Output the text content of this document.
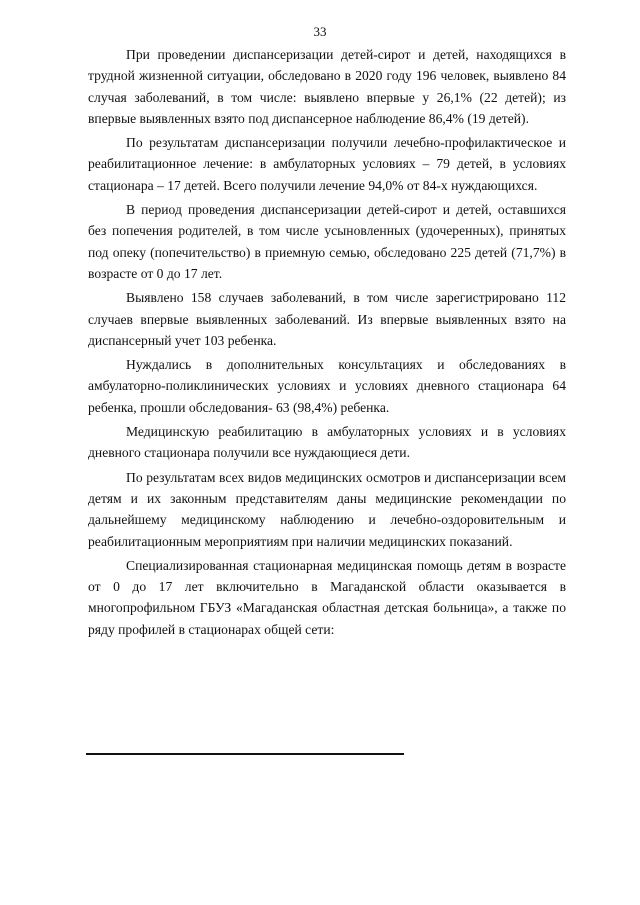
33

При проведении диспансеризации детей-сирот и детей, находящихся в трудной жизненной ситуации, обследовано в 2020 году 196 человек, выявлено 84 случая заболеваний, в том числе: выявлено впервые у 26,1% (22 детей); из впервые выявленных взято под диспансерное наблюдение 86,4% (19 детей).

По результатам диспансеризации получили лечебно-профилактическое и реабилитационное лечение: в амбулаторных условиях – 79 детей, в условиях стационара – 17 детей. Всего получили лечение 94,0% от 84-х нуждающихся.

В период проведения диспансеризации детей-сирот и детей, оставшихся без попечения родителей, в том числе усыновленных (удочеренных), принятых под опеку (попечительство) в приемную семью, обследовано 225 детей (71,7%) в возрасте от 0 до 17 лет.

Выявлено 158 случаев заболеваний, в том числе зарегистрировано 112 случаев впервые выявленных заболеваний. Из впервые выявленных взято на диспансерный учет 103 ребенка.

Нуждались в дополнительных консультациях и обследованиях в амбулаторно-поликлинических условиях и условиях дневного стационара 64 ребенка, прошли обследования- 63 (98,4%) ребенка.

Медицинскую реабилитацию в амбулаторных условиях и в условиях дневного стационара получили все нуждающиеся дети.

По результатам всех видов медицинских осмотров и диспансеризации всем детям и их законным представителям даны медицинские рекомендации по дальнейшему медицинскому наблюдению и лечебно-оздоровительным и реабилитационным мероприятиям при наличии медицинских показаний.

Специализированная стационарная медицинская помощь детям в возрасте от 0 до 17 лет включительно в Магаданской области оказывается в многопрофильном ГБУЗ «Магаданская областная детская больница», а также по ряду профилей в стационарах общей сети:
